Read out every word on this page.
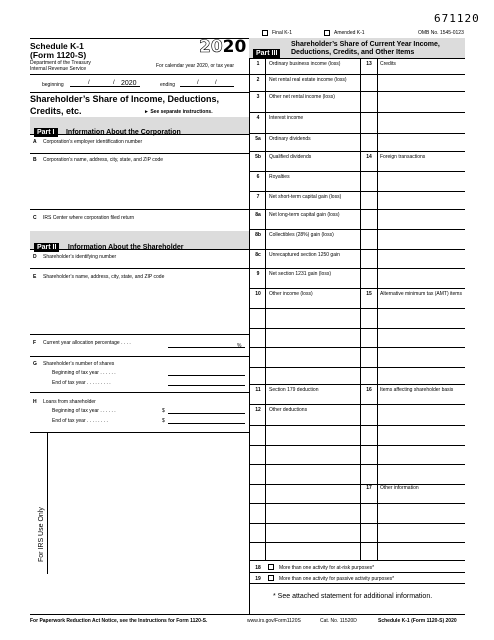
671120
Final K-1	Amended K-1	OMB No. 1545-0123
Schedule K-1
(Form 1120-S)	2020
Department of the Treasury
Internal Revenue Service	For calendar year 2020, or tax year
beginning	/	/ 2020	ending	/	/
Shareholder’s Share of Income, Deductions,
Credits, etc.	► See separate instructions.
Part I Information About the Corporation
A Corporation’s employer identification number
B Corporation’s name, address, city, state, and ZIP code
C IRS Center where corporation filed return
Part II Information About the Shareholder
D Shareholder’s identifying number
E Shareholder’s name, address, city, state, and ZIP code
F Current year allocation percentage . . . .	%
G Shareholder’s number of shares
Beginning of tax year . . . . . .
End of tax year . . . . . . . . .
H Loans from shareholder
Beginning of tax year . . . . . .	$
End of tax year . . . . . . . .	$
For IRS Use Only
Part III
Shareholder’s Share of Current Year Income,
Deductions, Credits, and Other Items
1	Ordinary business income (loss)
2	Net rental real estate income (loss)
3	Other net rental income (loss)
4	Interest income
5a	Ordinary dividends
5b	Qualified dividends
6	Royalties
7	Net short-term capital gain (loss)
8a	Net long-term capital gain (loss)
8b	Collectibles (28%) gain (loss)
8c	Unrecaptured section 1250 gain
9	Net section 1231 gain (loss)
10	Other income (loss)
11	Section 179 deduction
12	Other deductions
13	Credits
14	Foreign transactions
15	Alternative minimum tax (AMT) items
16	Items affecting shareholder basis
17	Other information
18	More than one activity for at-risk purposes*
19	More than one activity for passive activity purposes*
* See attached statement for additional information.
For Paperwork Reduction Act Notice, see the Instructions for Form 1120-S.	www.irs.gov/Form1120S	Cat. No. 11520D	Schedule K-1 (Form 1120-S) 2020
